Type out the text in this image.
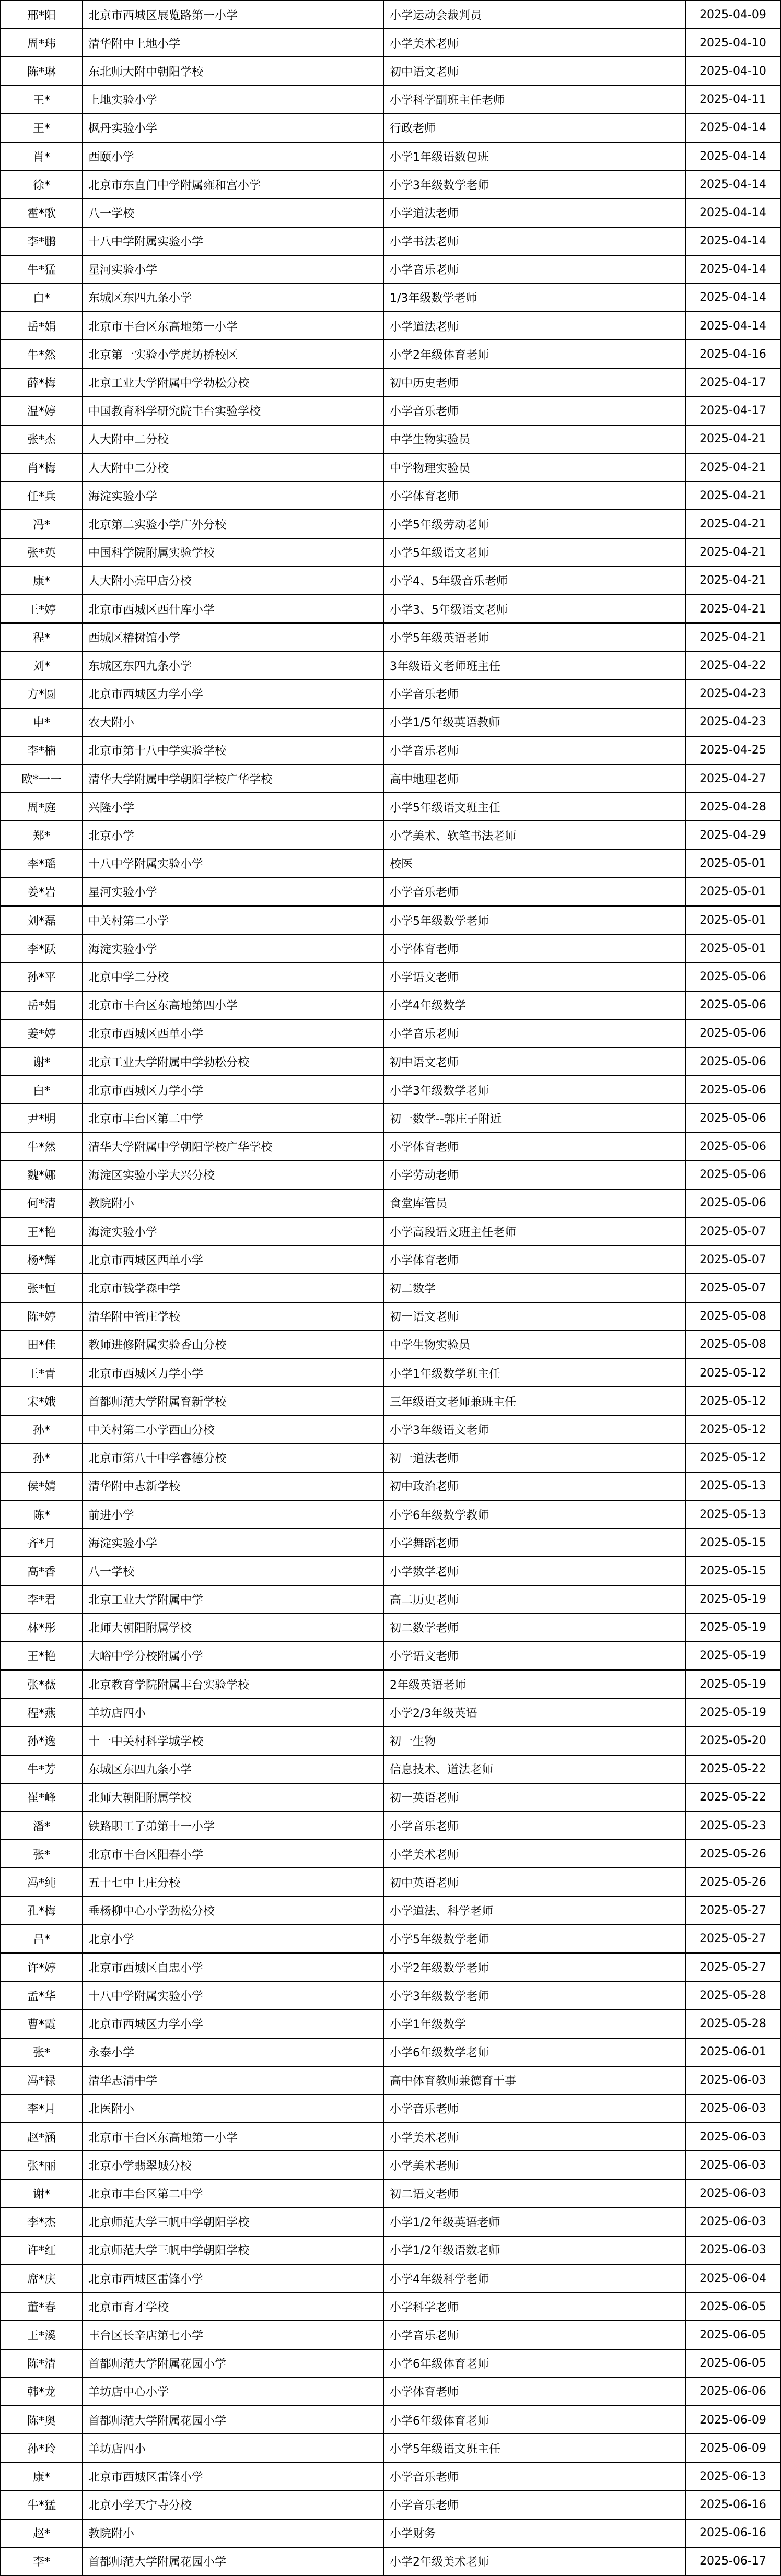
邢*阳	北京市西城区展览路第一小学	小学运动会裁判员	2025-04-09
周*玮	清华附中上地小学	小学美术老师	2025-04-10
陈*琳	东北师大附中朝阳学校	初中语文老师	2025-04-10
王*	上地实验小学	小学科学副班主任老师	2025-04-11
王*	枫丹实验小学	行政老师	2025-04-14
肖*	西颐小学	小学1年级语数包班	2025-04-14
徐*	北京市东直门中学附属雍和宫小学	小学3年级数学老师	2025-04-14
霍*歌	八一学校	小学道法老师	2025-04-14
李*鹏	十八中学附属实验小学	小学书法老师	2025-04-14
牛*猛	星河实验小学	小学音乐老师	2025-04-14
白*	东城区东四九条小学	1/3年级数学老师	2025-04-14
岳*娟	北京市丰台区东高地第一小学	小学道法老师	2025-04-14
牛*然	北京第一实验小学虎坊桥校区	小学2年级体育老师	2025-04-16
薛*梅	北京工业大学附属中学勃松分校	初中历史老师	2025-04-17
温*婷	中国教育科学研究院丰台实验学校	小学音乐老师	2025-04-17
张*杰	人大附中二分校	中学生物实验员	2025-04-21
肖*梅	人大附中二分校	中学物理实验员	2025-04-21
任*兵	海淀实验小学	小学体育老师	2025-04-21
冯*	北京第二实验小学广外分校	小学5年级劳动老师	2025-04-21
张*英	中国科学院附属实验学校	小学5年级语文老师	2025-04-21
康*	人大附小亮甲店分校	小学4、5年级音乐老师	2025-04-21
王*婷	北京市西城区西什库小学	小学3、5年级语文老师	2025-04-21
程*	西城区椿树馆小学	小学5年级英语老师	2025-04-21
刘*	东城区东四九条小学	3年级语文老师班主任	2025-04-22
方*圆	北京市西城区力学小学	小学音乐老师	2025-04-23
申*	农大附小	小学1/5年级英语教师	2025-04-23
李*楠	北京市第十八中学实验学校	小学音乐老师	2025-04-25
欧*一一	清华大学附属中学朝阳学校广华学校	高中地理老师	2025-04-27
周*庭	兴隆小学	小学5年级语文班主任	2025-04-28
郑*	北京小学	小学美术、软笔书法老师	2025-04-29
李*瑶	十八中学附属实验小学	校医	2025-05-01
姜*岩	星河实验小学	小学音乐老师	2025-05-01
刘*磊	中关村第二小学	小学5年级数学老师	2025-05-01
李*跃	海淀实验小学	小学体育老师	2025-05-01
孙*平	北京中学二分校	小学语文老师	2025-05-06
岳*娟	北京市丰台区东高地第四小学	小学4年级数学	2025-05-06
姜*婷	北京市西城区西单小学	小学音乐老师	2025-05-06
谢*	北京工业大学附属中学勃松分校	初中语文老师	2025-05-06
白*	北京市西城区力学小学	小学3年级数学老师	2025-05-06
尹*明	北京市丰台区第二中学	初一数学--郭庄子附近	2025-05-06
牛*然	清华大学附属中学朝阳学校广华学校	小学体育老师	2025-05-06
魏*娜	海淀区实验小学大兴分校	小学劳动老师	2025-05-06
何*清	教院附小	食堂库管员	2025-05-06
王*艳	海淀实验小学	小学高段语文班主任老师	2025-05-07
杨*辉	北京市西城区西单小学	小学体育老师	2025-05-07
张*恒	北京市钱学森中学	初二数学	2025-05-07
陈*婷	清华附中管庄学校	初一语文老师	2025-05-08
田*佳	教师进修附属实验香山分校	中学生物实验员	2025-05-08
王*青	北京市西城区力学小学	小学1年级数学班主任	2025-05-12
宋*娥	首都师范大学附属育新学校	三年级语文老师兼班主任	2025-05-12
孙*	中关村第二小学西山分校	小学3年级语文老师	2025-05-12
孙*	北京市第八十中学睿德分校	初一道法老师	2025-05-12
侯*婧	清华附中志新学校	初中政治老师	2025-05-13
陈*	前进小学	小学6年级数学教师	2025-05-13
齐*月	海淀实验小学	小学舞蹈老师	2025-05-15
高*香	八一学校	小学数学老师	2025-05-15
李*君	北京工业大学附属中学	高二历史老师	2025-05-19
林*彤	北师大朝阳附属学校	初二数学老师	2025-05-19
王*艳	大峪中学分校附属小学	小学语文老师	2025-05-19
张*薇	北京教育学院附属丰台实验学校	2年级英语老师	2025-05-19
程*燕	羊坊店四小	小学2/3年级英语	2025-05-19
孙*逸	十一中关村科学城学校	初一生物	2025-05-20
牛*芳	东城区东四九条小学	信息技术、道法老师	2025-05-22
崔*峰	北师大朝阳附属学校	初一英语老师	2025-05-22
潘*	铁路职工子弟第十一小学	小学音乐老师	2025-05-23
张*	北京市丰台区阳春小学	小学美术老师	2025-05-26
冯*纯	五十七中上庄分校	初中英语老师	2025-05-26
孔*梅	垂杨柳中心小学劲松分校	小学道法、科学老师	2025-05-27
吕*	北京小学	小学5年级数学老师	2025-05-27
许*婷	北京市西城区自忠小学	小学2年级数学老师	2025-05-27
孟*华	十八中学附属实验小学	小学3年级数学老师	2025-05-28
曹*霞	北京市西城区力学小学	小学1年级数学	2025-05-28
张*	永泰小学	小学6年级数学老师	2025-06-01
冯*禄	清华志清中学	高中体育教师兼德育干事	2025-06-03
李*月	北医附小	小学音乐老师	2025-06-03
赵*涵	北京市丰台区东高地第一小学	小学美术老师	2025-06-03
张*丽	北京小学翡翠城分校	小学美术老师	2025-06-03
谢*	北京市丰台区第二中学	初二语文老师	2025-06-03
李*杰	北京师范大学三帆中学朝阳学校	小学1/2年级英语老师	2025-06-03
许*红	北京师范大学三帆中学朝阳学校	小学1/2年级语数老师	2025-06-03
席*庆	北京市西城区雷锋小学	小学4年级科学老师	2025-06-04
董*春	北京市育才学校	小学科学老师	2025-06-05
王*溪	丰台区长辛店第七小学	小学音乐老师	2025-06-05
陈*清	首都师范大学附属花园小学	小学6年级体育老师	2025-06-05
韩*龙	羊坊店中心小学	小学体育老师	2025-06-06
陈*奥	首都师范大学附属花园小学	小学6年级体育老师	2025-06-09
孙*玲	羊坊店四小	小学5年级语文班主任	2025-06-09
康*	北京市西城区雷锋小学	小学音乐老师	2025-06-13
牛*猛	北京小学天宁寺分校	小学音乐老师	2025-06-16
赵*	教院附小	小学财务	2025-06-16
李*	首都师范大学附属花园小学	小学2年级美术老师	2025-06-17
